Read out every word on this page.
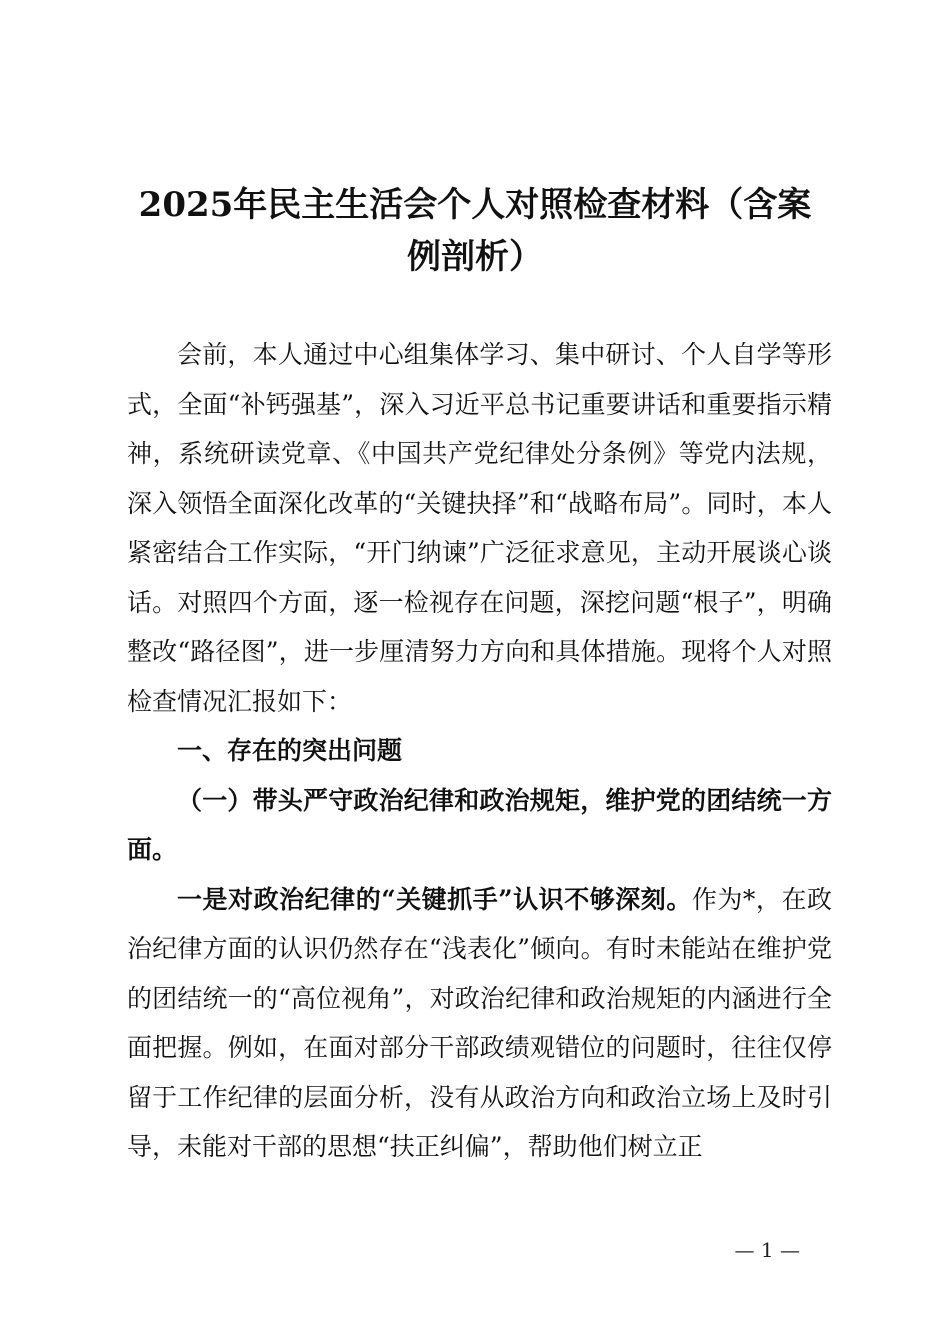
2025年民主生活会个人对照检查材料（含案
例剖析）

会前，本人通过中心组集体学习、集中研讨、个人自学等形式，全面“补钙强基”，深入习近平总书记重要讲话和重要指示精神，系统研读党章、《中国共产党纪律处分条例》等党内法规，深入领悟全面深化改革的“关键抉择”和“战略布局”。同时，本人紧密结合工作实际，“开门纳谏”广泛征求意见，主动开展谈心谈话。对照四个方面，逐一检视存在问题，深挖问题“根子”，明确整改“路径图”，进一步厘清努力方向和具体措施。现将个人对照检查情况汇报如下：

一、存在的突出问题

（一）带头严守政治纪律和政治规矩，维护党的团结统一方面。

一是对政治纪律的“关键抓手”认识不够深刻。作为*，在政治纪律方面的认识仍然存在“浅表化”倾向。有时未能站在维护党的团结统一的“高位视角”，对政治纪律和政治规矩的内涵进行全面把握。例如，在面对部分干部政绩观错位的问题时，往往仅停留于工作纪律的层面分析，没有从政治方向和政治立场上及时引导，未能对干部的思想“扶正纠偏”，帮助他们树立正

— 1 —
